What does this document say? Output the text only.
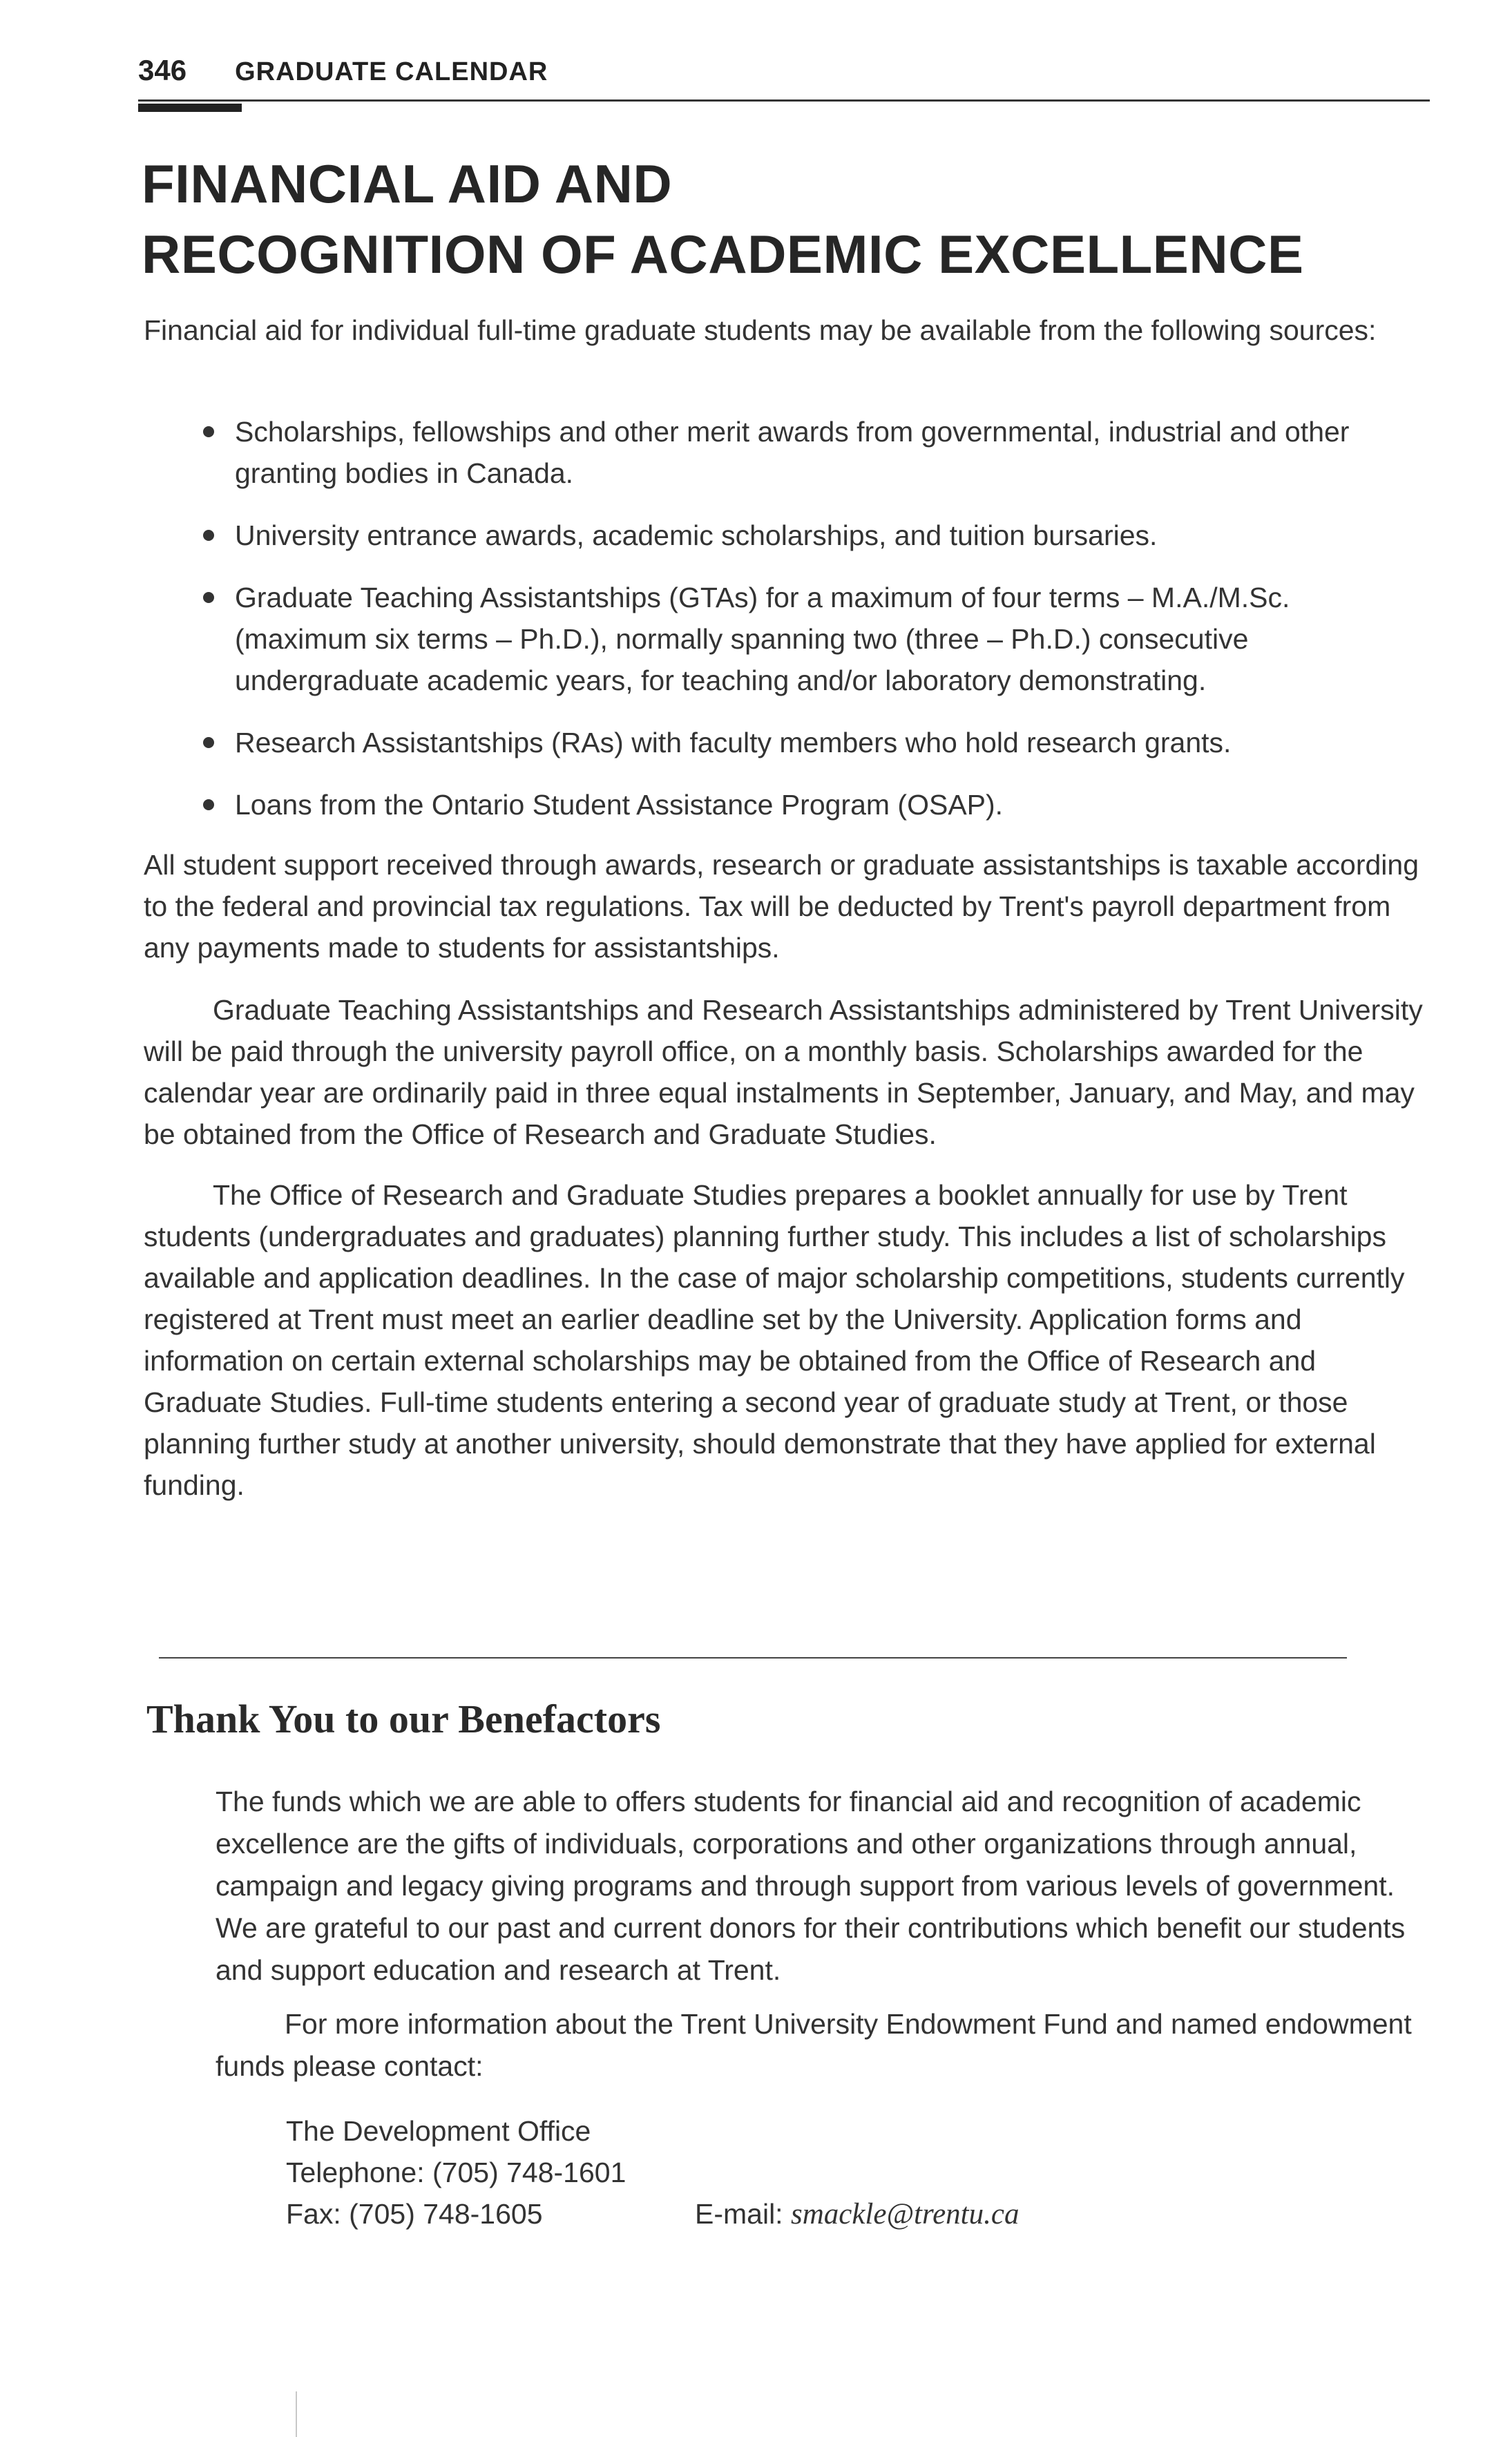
346 GRADUATE CALENDAR
FINANCIAL AID AND
RECOGNITION OF ACADEMIC EXCELLENCE

Financial aid for individual full-time graduate students may be available from the following sources:

Scholarships, fellowships and other merit awards from governmental, industrial and other granting bodies in Canada.
University entrance awards, academic scholarships, and tuition bursaries.
Graduate Teaching Assistantships (GTAs) for a maximum of four terms – M.A./M.Sc. (maximum six terms – Ph.D.), normally spanning two (three – Ph.D.) consecutive undergraduate academic years, for teaching and/or laboratory demonstrating.
Research Assistantships (RAs) with faculty members who hold research grants.
Loans from the Ontario Student Assistance Program (OSAP).

All student support received through awards, research or graduate assistantships is taxable according to the federal and provincial tax regulations. Tax will be deducted by Trent's payroll department from any payments made to students for assistantships.

Graduate Teaching Assistantships and Research Assistantships administered by Trent University will be paid through the university payroll office, on a monthly basis. Scholarships awarded for the calendar year are ordinarily paid in three equal instalments in September, January, and May, and may be obtained from the Office of Research and Graduate Studies.

The Office of Research and Graduate Studies prepares a booklet annually for use by Trent students (undergraduates and graduates) planning further study. This includes a list of scholarships available and application deadlines. In the case of major scholarship competitions, students currently registered at Trent must meet an earlier deadline set by the University. Application forms and information on certain external scholarships may be obtained from the Office of Research and Graduate Studies. Full-time students entering a second year of graduate study at Trent, or those planning further study at another university, should demonstrate that they have applied for external funding.

Thank You to our Benefactors

The funds which we are able to offers students for financial aid and recognition of academic excellence are the gifts of individuals, corporations and other organizations through annual, campaign and legacy giving programs and through support from various levels of government. We are grateful to our past and current donors for their contributions which benefit our students and support education and research at Trent.

For more information about the Trent University Endowment Fund and named endowment funds please contact:

The Development Office
Telephone: (705) 748-1601
Fax: (705) 748-1605	E-mail: smackle@trentu.ca
